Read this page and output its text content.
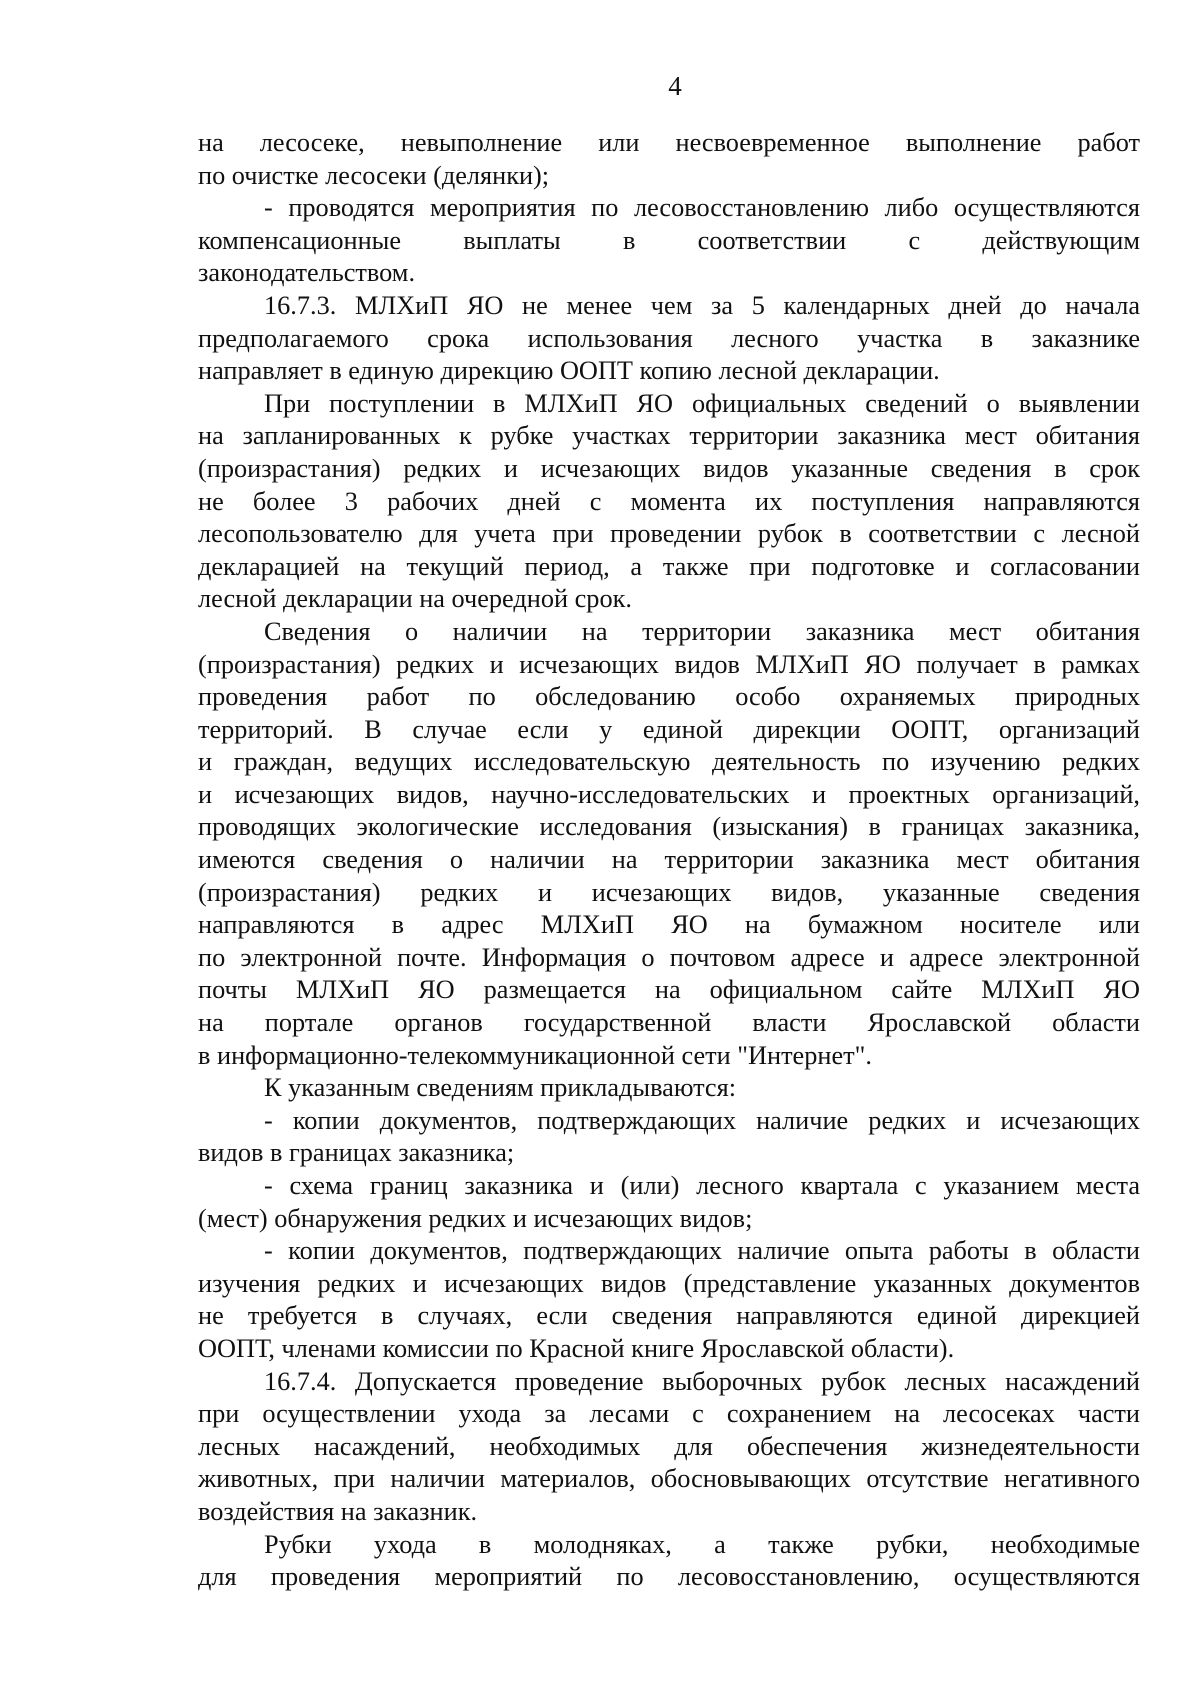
4
на лесосеке, невыполнение или несвоевременное выполнение работ
по очистке лесосеки (делянки);
- проводятся мероприятия по лесовосстановлению либо осуществляются
компенсационные выплаты в соответствии с действующим
законодательством.
16.7.3. МЛХиП ЯО не менее чем за 5 календарных дней до начала
предполагаемого срока использования лесного участка в заказнике
направляет в единую дирекцию ООПТ копию лесной декларации.
При поступлении в МЛХиП ЯО официальных сведений о выявлении
на запланированных к рубке участках территории заказника мест обитания
(произрастания) редких и исчезающих видов указанные сведения в срок
не более 3 рабочих дней с момента их поступления направляются
лесопользователю для учета при проведении рубок в соответствии с лесной
декларацией на текущий период, а также при подготовке и согласовании
лесной декларации на очередной срок.
Сведения о наличии на территории заказника мест обитания
(произрастания) редких и исчезающих видов МЛХиП ЯО получает в рамках
проведения работ по обследованию особо охраняемых природных
территорий. В случае если у единой дирекции ООПТ, организаций
и граждан, ведущих исследовательскую деятельность по изучению редких
и исчезающих видов, научно-исследовательских и проектных организаций,
проводящих экологические исследования (изыскания) в границах заказника,
имеются сведения о наличии на территории заказника мест обитания
(произрастания) редких и исчезающих видов, указанные сведения
направляются в адрес МЛХиП ЯО на бумажном носителе или
по электронной почте. Информация о почтовом адресе и адресе электронной
почты МЛХиП ЯО размещается на официальном сайте МЛХиП ЯО
на портале органов государственной власти Ярославской области
в информационно-телекоммуникационной сети "Интернет".
К указанным сведениям прикладываются:
- копии документов, подтверждающих наличие редких и исчезающих
видов в границах заказника;
- схема границ заказника и (или) лесного квартала с указанием места
(мест) обнаружения редких и исчезающих видов;
- копии документов, подтверждающих наличие опыта работы в области
изучения редких и исчезающих видов (представление указанных документов
не требуется в случаях, если сведения направляются единой дирекцией
ООПТ, членами комиссии по Красной книге Ярославской области).
16.7.4. Допускается проведение выборочных рубок лесных насаждений
при осуществлении ухода за лесами с сохранением на лесосеках части
лесных насаждений, необходимых для обеспечения жизнедеятельности
животных, при наличии материалов, обосновывающих отсутствие негативного
воздействия на заказник.
Рубки ухода в молодняках, а также рубки, необходимые
для проведения мероприятий по лесовосстановлению, осуществляются
